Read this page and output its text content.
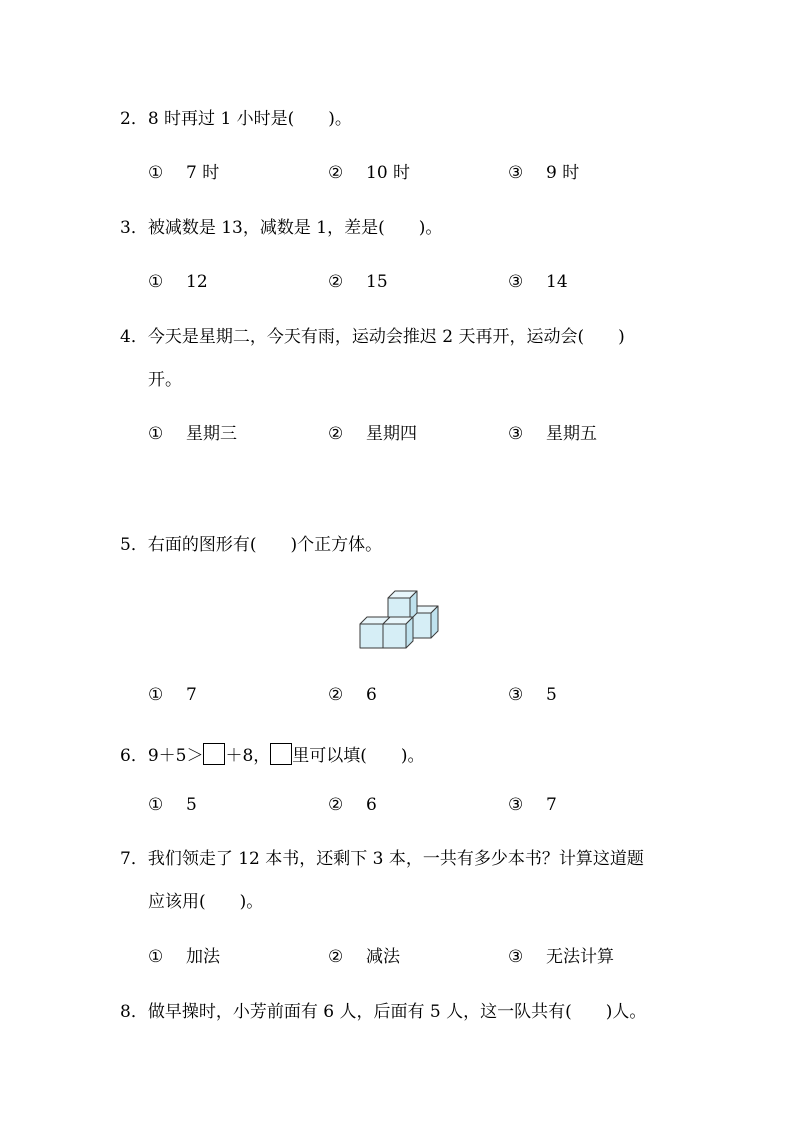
2．8 时再过 1 小时是(　　)。
① 7 时	② 10 时	③ 9 时
3．被减数是 13，减数是 1，差是(　　)。
① 12	② 15	③ 14
4．今天是星期二，今天有雨，运动会推迟 2 天再开，运动会(　　)
开。
① 星期三	② 星期四	③ 星期五
5．右面的图形有(　　)个正方体。
① 7	② 6	③ 5
6．9＋5＞ ＋8， 里可以填(　　)。
① 5	② 6	③ 7
7．我们领走了 12 本书，还剩下 3 本，一共有多少本书？计算这道题
应该用(　　)。
① 加法	② 减法	③ 无法计算
8．做早操时，小芳前面有 6 人，后面有 5 人，这一队共有(　　)人。
